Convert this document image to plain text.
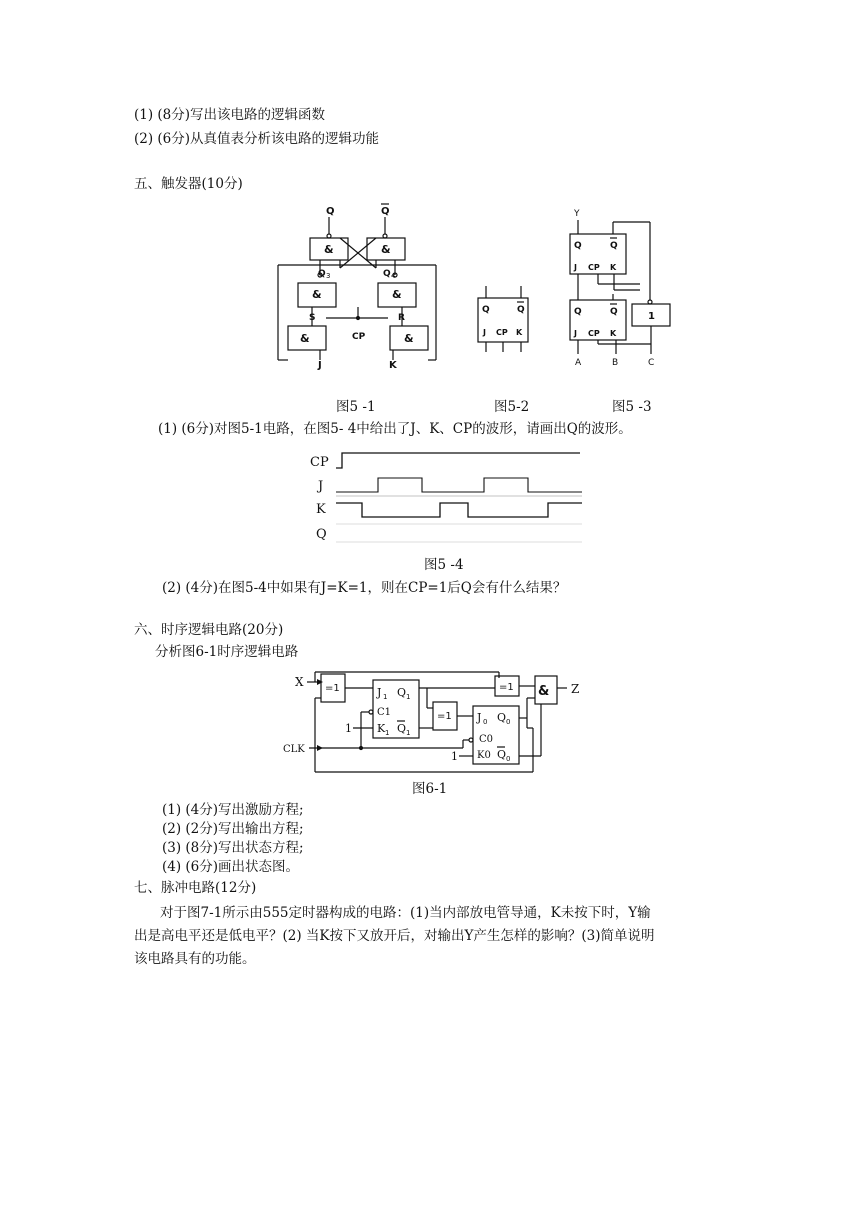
(1) (8分)写出该电路的逻辑函数
(2) (6分)从真值表分析该电路的逻辑功能
五、触发器(10分)
Q	Q
&	&
Q 3	Q 4
&	&
S	R
CP
&	&
J	K
Q	Q
J CP K
Y
Q	Q
J CP K
Q	Q
J CP K
1
A	B	C
图5 -1	图5-2	图5 -3
(1) (6分)对图5-1电路，在图5- 4中给出了J、K、CP的波形，请画出Q的波形。
CP
J
K
Q
图5 -4
(2) (4分)在图5-4中如果有J=K=1，则在CP=1后Q会有什么结果？
六、时序逻辑电路(20分)
分析图6-1时序逻辑电路
X =1	J 1 Q 1
C1
K 1 Q 1
1
=1 & Z
=1 J 0 Q 0
C0
K0 Q 0
1
CLK
图6-1
(1) (4分)写出激励方程;
(2) (2分)写出输出方程;
(3) (8分)写出状态方程;
(4) (6分)画出状态图。
七、脉冲电路(12分)
对于图7-1所示由555定时器构成的电路：(1)当内部放电管导通，K未按下时，Y输
出是高电平还是低电平？(2) 当K按下又放开后，对输出Y产生怎样的影响？(3)简单说明
该电路具有的功能。
